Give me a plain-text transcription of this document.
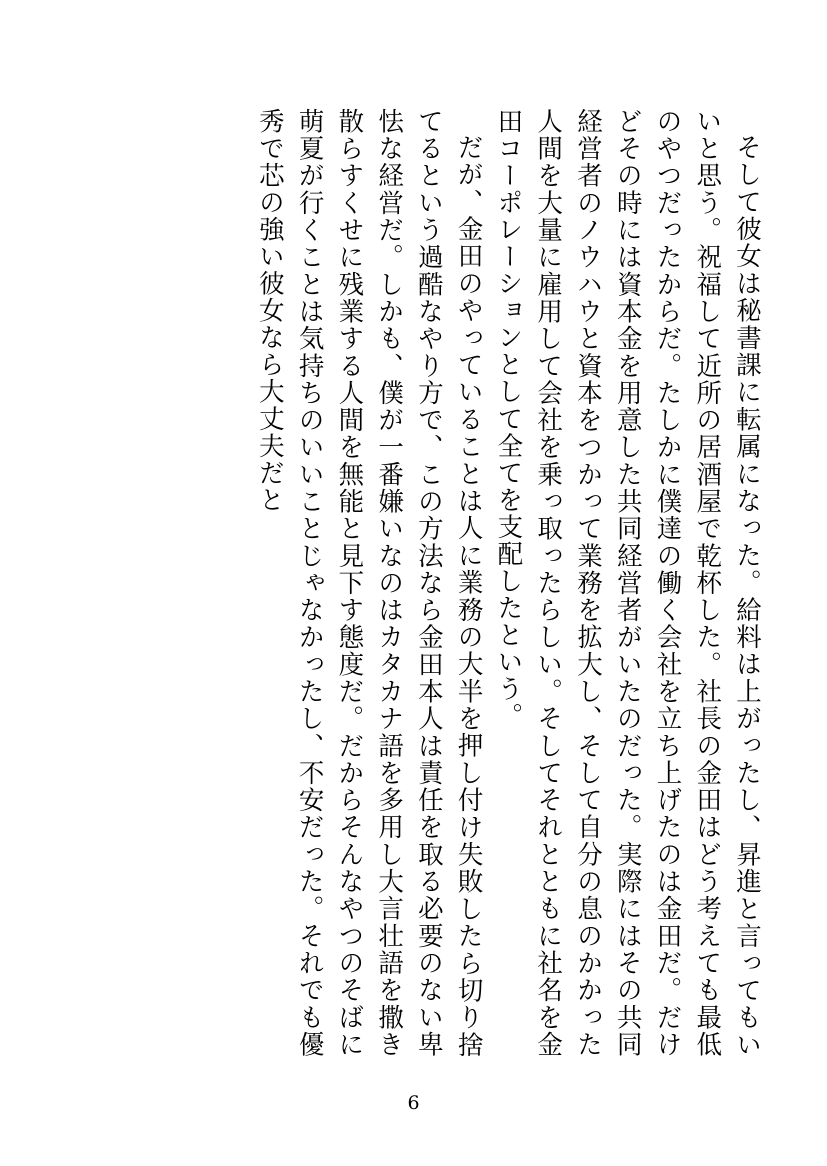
そして彼女は秘書課に転属になった。給料は上がったし、昇進と言ってもいいと思う。祝福して近所の居酒屋で乾杯した。社長の金田はどう考えても最低のやつだったからだ。たしかに僕達の働く会社を立ち上げたのは金田だ。だけどその時には資本金を用意した共同経営者がいたのだった。実際にはその共同経営者のノウハウと資本をつかって業務を拡大し、そして自分の息のかかった人間を大量に雇用して会社を乗っ取ったらしい。そしてそれとともに社名を金田コーポレーションとして全てを支配したという。

だが、金田のやっていることは人に業務の大半を押し付け失敗したら切り捨てるという過酷なやり方で、この方法なら金田本人は責任を取る必要のない卑怯な経営だ。しかも、僕が一番嫌いなのはカタカナ語を多用し大言壮語を撒き散らすくせに残業する人間を無能と見下す態度だ。だからそんなやつのそばに萌夏が行くことは気持ちのいいことじゃなかったし、不安だった。それでも優秀で芯の強い彼女なら大丈夫だと

6
